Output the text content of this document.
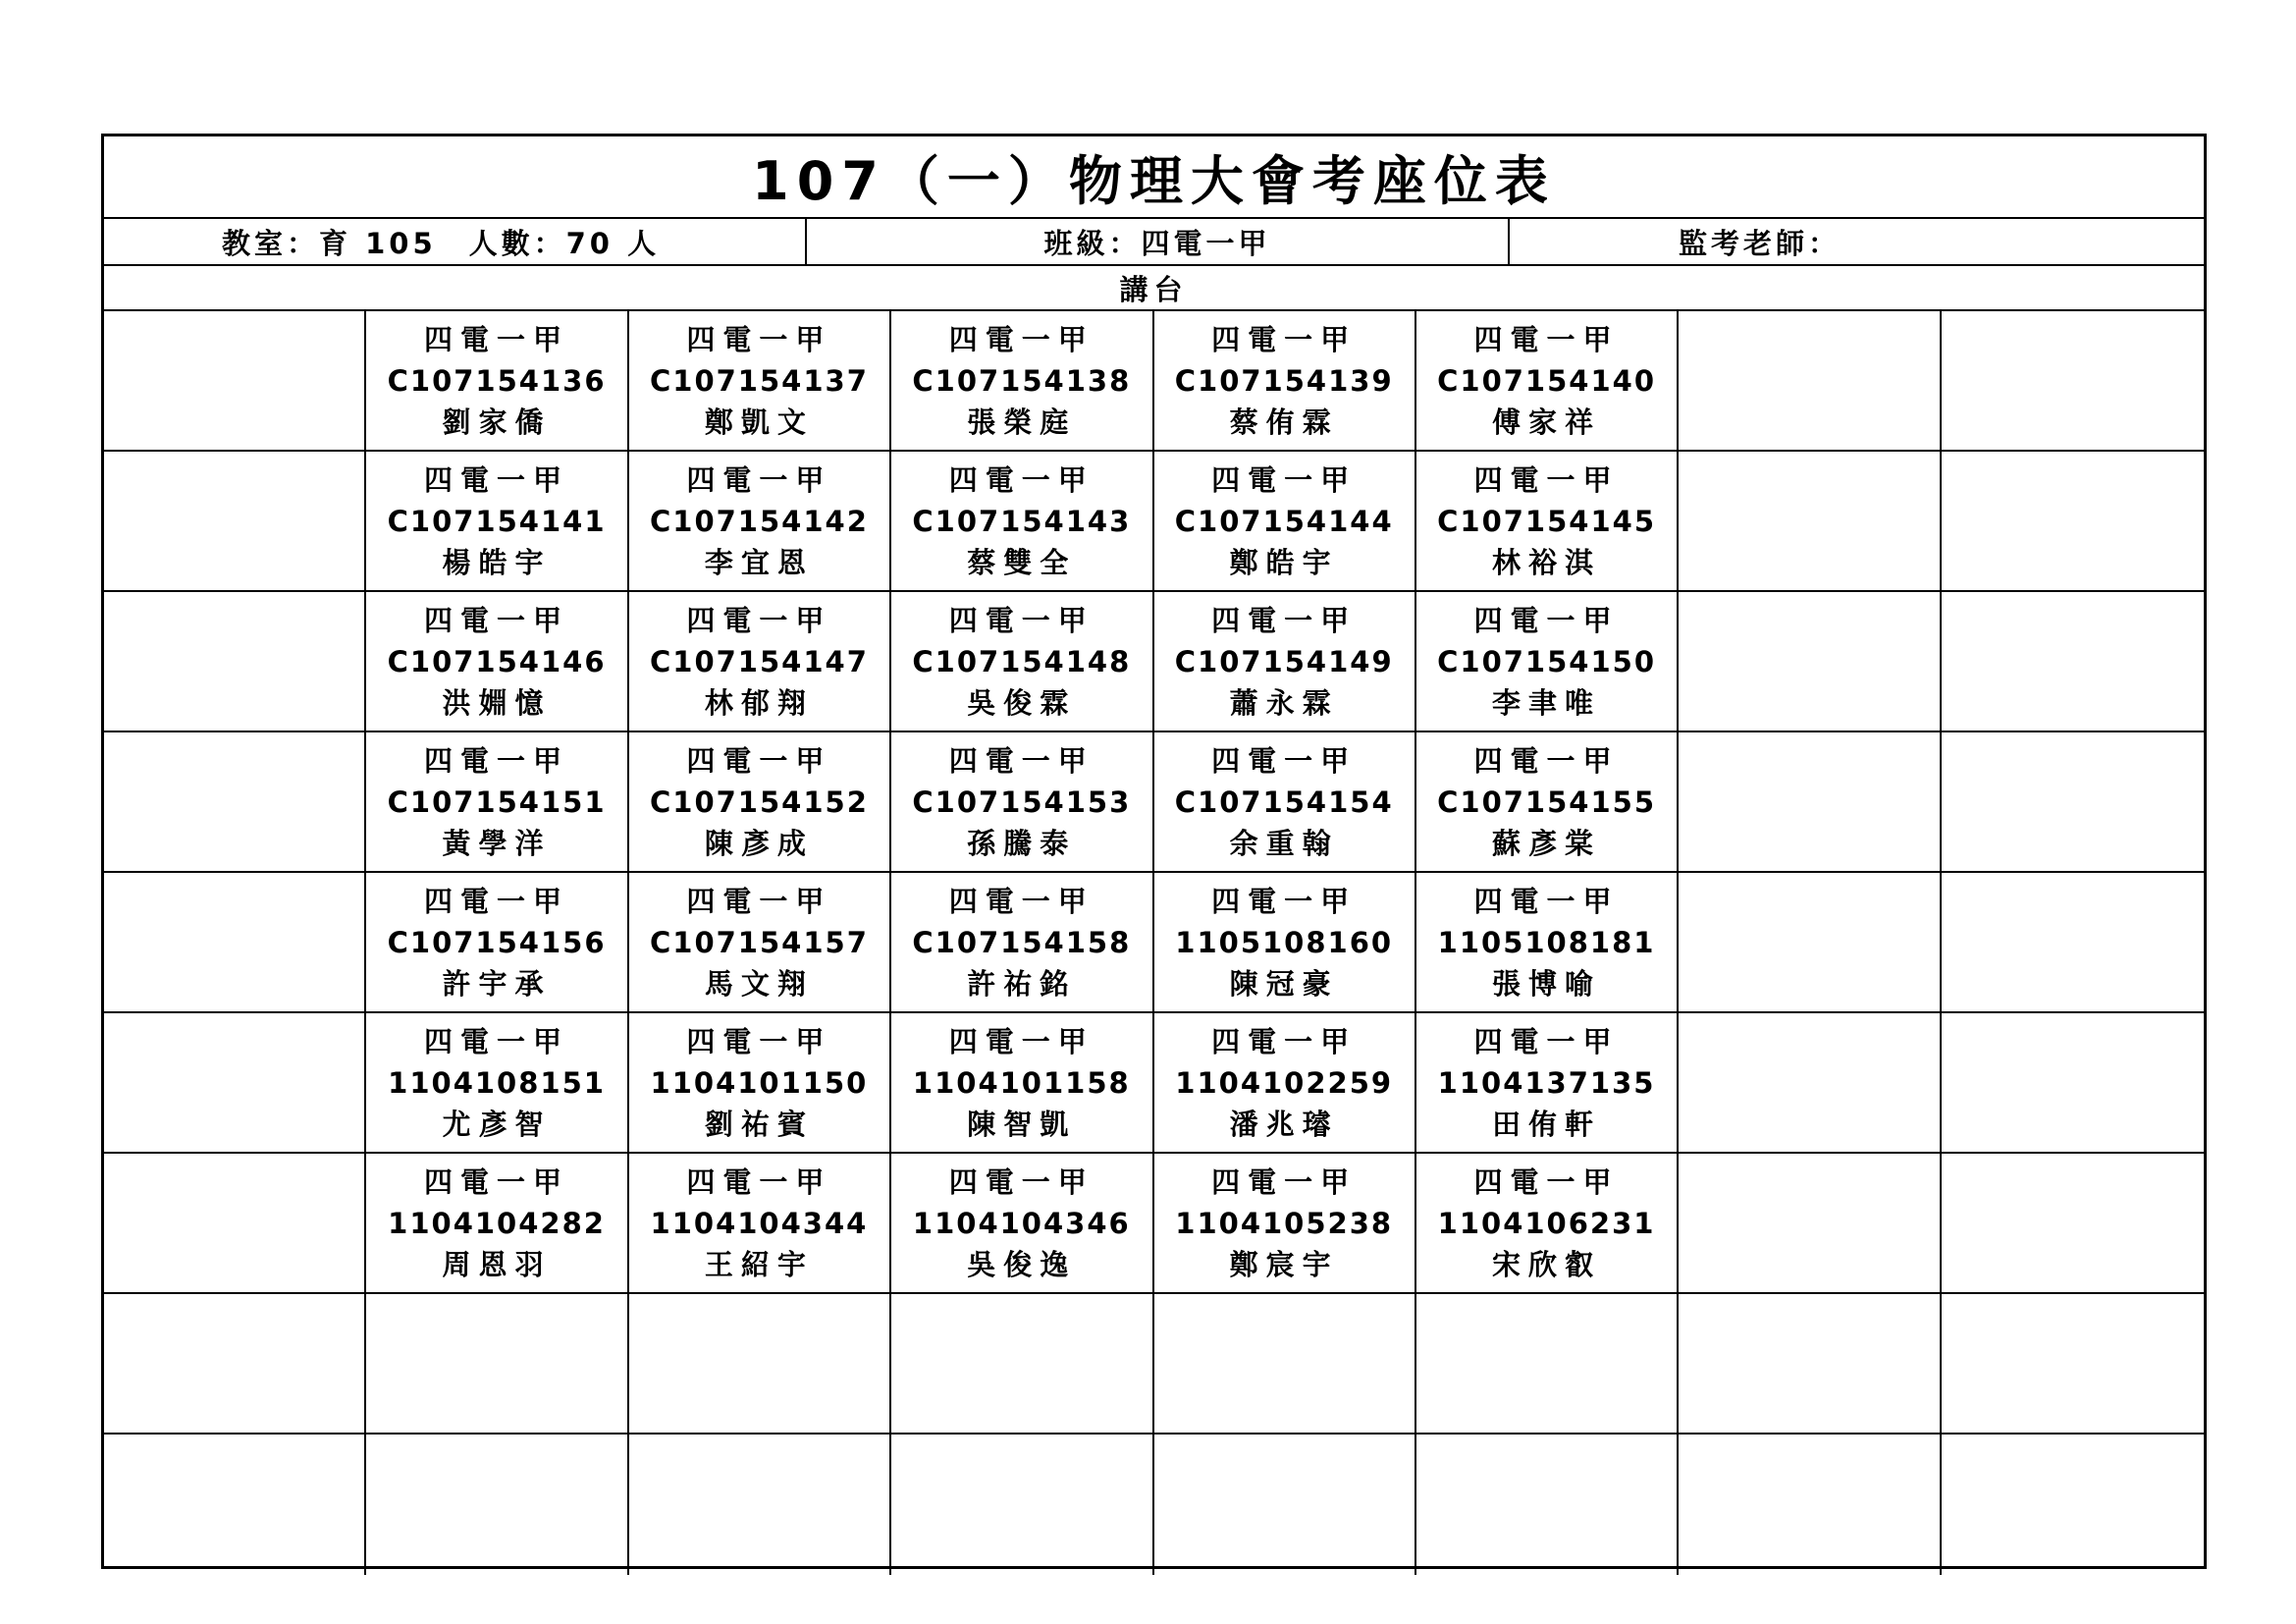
107（一）物理大會考座位表
教室：育 105　人數：70 人	班級：四電一甲	監考老師：
講台
四電一甲
C107154136
劉家僑
四電一甲
C107154137
鄭凱文
四電一甲
C107154138
張榮庭
四電一甲
C107154139
蔡侑霖
四電一甲
C107154140
傅家祥
四電一甲
C107154141
楊皓宇
四電一甲
C107154142
李宜恩
四電一甲
C107154143
蔡雙全
四電一甲
C107154144
鄭皓宇
四電一甲
C107154145
林裕淇
四電一甲
C107154146
洪婣憶
四電一甲
C107154147
林郁翔
四電一甲
C107154148
吳俊霖
四電一甲
C107154149
蕭永霖
四電一甲
C107154150
李聿唯
四電一甲
C107154151
黃學洋
四電一甲
C107154152
陳彥成
四電一甲
C107154153
孫騰泰
四電一甲
C107154154
余重翰
四電一甲
C107154155
蘇彥棠
四電一甲
C107154156
許宇承
四電一甲
C107154157
馬文翔
四電一甲
C107154158
許祐銘
四電一甲
1105108160
陳冠豪
四電一甲
1105108181
張博喻
四電一甲
1104108151
尤彥智
四電一甲
1104101150
劉祐賓
四電一甲
1104101158
陳智凱
四電一甲
1104102259
潘兆璿
四電一甲
1104137135
田侑軒
四電一甲
1104104282
周恩羽
四電一甲
1104104344
王紹宇
四電一甲
1104104346
吳俊逸
四電一甲
1104105238
鄭宸宇
四電一甲
1104106231
宋欣叡
